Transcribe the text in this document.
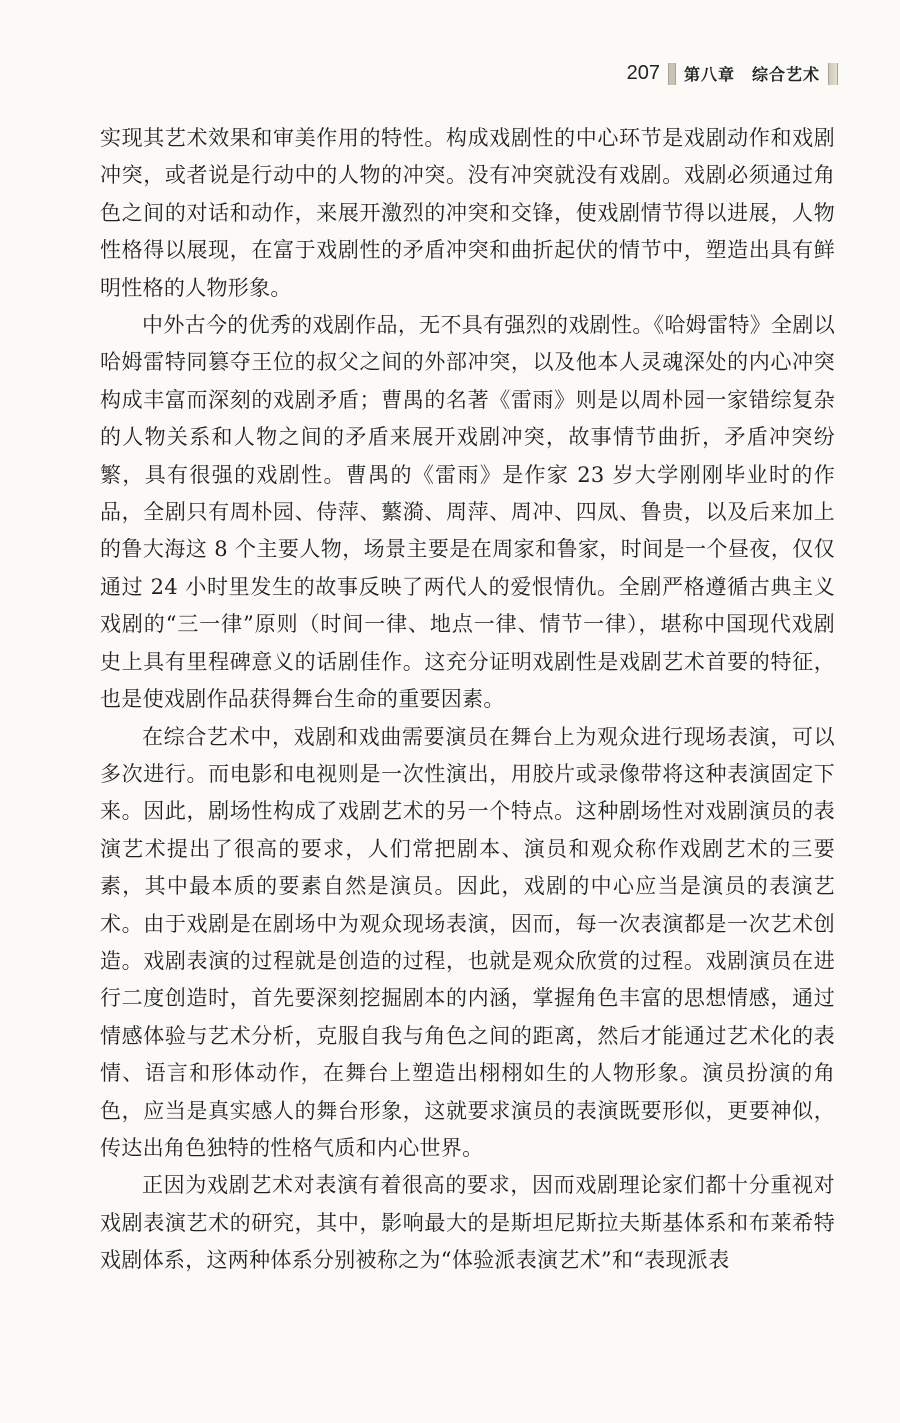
207 第八章　综合艺术

实现其艺术效果和审美作用的特性。构成戏剧性的中心环节是戏剧动作和戏剧冲突，或者说是行动中的人物的冲突。没有冲突就没有戏剧。戏剧必须通过角色之间的对话和动作，来展开激烈的冲突和交锋，使戏剧情节得以进展，人物性格得以展现，在富于戏剧性的矛盾冲突和曲折起伏的情节中，塑造出具有鲜明性格的人物形象。

中外古今的优秀的戏剧作品，无不具有强烈的戏剧性。《哈姆雷特》全剧以哈姆雷特同篡夺王位的叔父之间的外部冲突，以及他本人灵魂深处的内心冲突构成丰富而深刻的戏剧矛盾；曹禺的名著《雷雨》则是以周朴园一家错综复杂的人物关系和人物之间的矛盾来展开戏剧冲突，故事情节曲折，矛盾冲突纷繁，具有很强的戏剧性。曹禺的《雷雨》是作家 23 岁大学刚刚毕业时的作品，全剧只有周朴园、侍萍、蘩漪、周萍、周冲、四凤、鲁贵，以及后来加上的鲁大海这 8 个主要人物，场景主要是在周家和鲁家，时间是一个昼夜，仅仅通过 24 小时里发生的故事反映了两代人的爱恨情仇。全剧严格遵循古典主义戏剧的“三一律”原则（时间一律、地点一律、情节一律），堪称中国现代戏剧史上具有里程碑意义的话剧佳作。这充分证明戏剧性是戏剧艺术首要的特征，也是使戏剧作品获得舞台生命的重要因素。

在综合艺术中，戏剧和戏曲需要演员在舞台上为观众进行现场表演，可以多次进行。而电影和电视则是一次性演出，用胶片或录像带将这种表演固定下来。因此，剧场性构成了戏剧艺术的另一个特点。这种剧场性对戏剧演员的表演艺术提出了很高的要求，人们常把剧本、演员和观众称作戏剧艺术的三要素，其中最本质的要素自然是演员。因此，戏剧的中心应当是演员的表演艺术。由于戏剧是在剧场中为观众现场表演，因而，每一次表演都是一次艺术创造。戏剧表演的过程就是创造的过程，也就是观众欣赏的过程。戏剧演员在进行二度创造时，首先要深刻挖掘剧本的内涵，掌握角色丰富的思想情感，通过情感体验与艺术分析，克服自我与角色之间的距离，然后才能通过艺术化的表情、语言和形体动作，在舞台上塑造出栩栩如生的人物形象。演员扮演的角色，应当是真实感人的舞台形象，这就要求演员的表演既要形似，更要神似，传达出角色独特的性格气质和内心世界。

正因为戏剧艺术对表演有着很高的要求，因而戏剧理论家们都十分重视对戏剧表演艺术的研究，其中，影响最大的是斯坦尼斯拉夫斯基体系和布莱希特戏剧体系，这两种体系分别被称之为“体验派表演艺术”和“表现派表
